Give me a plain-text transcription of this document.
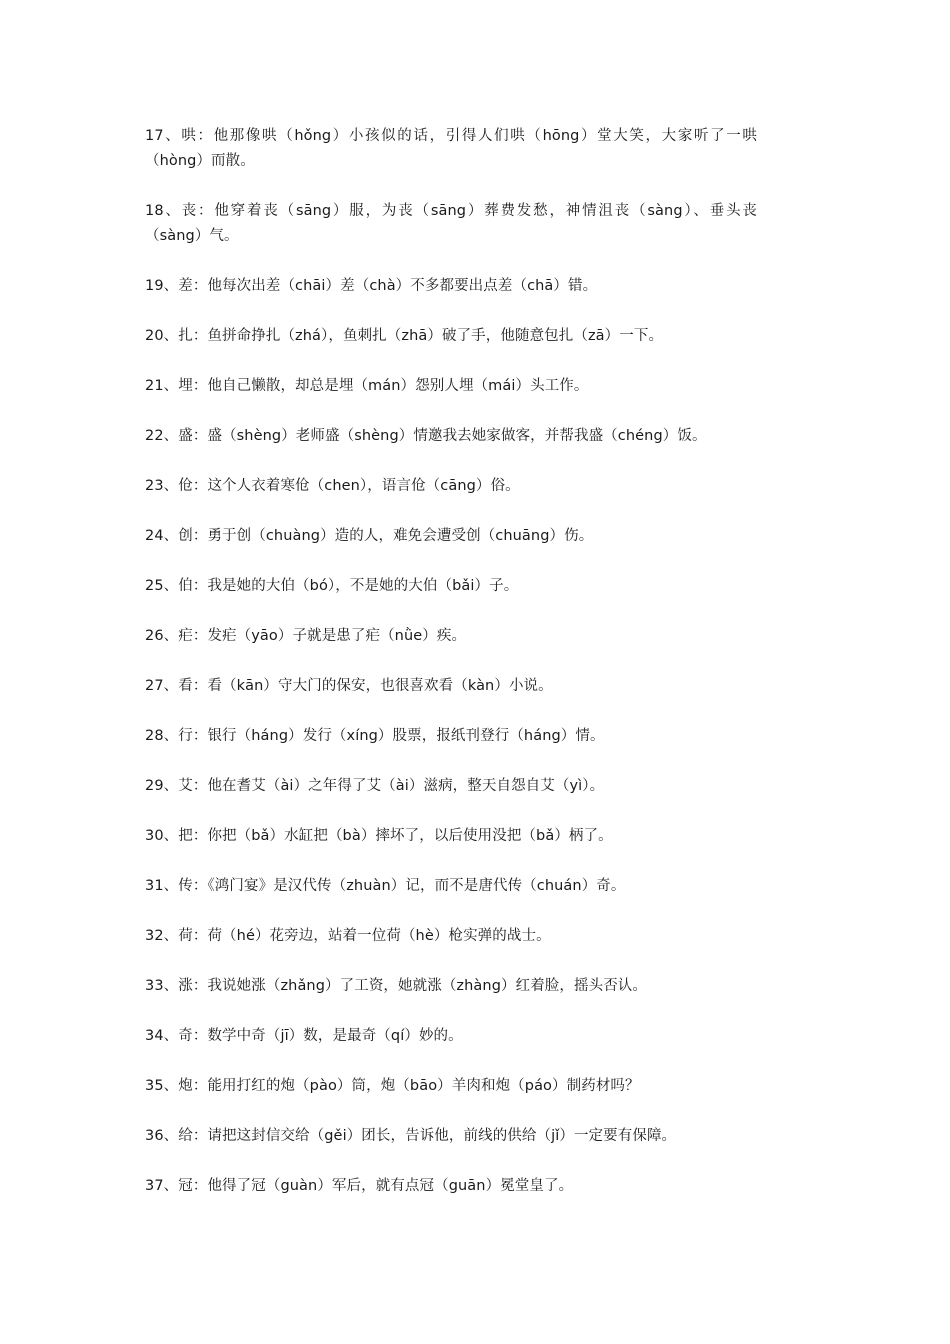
17、哄：他那像哄（hǒng）小孩似的话，引得人们哄（hōng）堂大笑，大家听了一哄（hòng）而散。
18、丧：他穿着丧（sāng）服，为丧（sāng）葬费发愁，神情沮丧（sàng）、垂头丧（sàng）气。
19、差：他每次出差（chāi）差（chà）不多都要出点差（chā）错。
20、扎：鱼拼命挣扎（zhá），鱼刺扎（zhā）破了手，他随意包扎（zā）一下。
21、埋：他自己懒散，却总是埋（mán）怨别人埋（mái）头工作。
22、盛：盛（shèng）老师盛（shèng）情邀我去她家做客，并帮我盛（chéng）饭。
23、伧：这个人衣着寒伧（chen），语言伧（cāng）俗。
24、创：勇于创（chuàng）造的人，难免会遭受创（chuāng）伤。
25、伯：我是她的大伯（bó），不是她的大伯（bǎi）子。
26、疟：发疟（yāo）子就是患了疟（nǜe）疾。
27、看：看（kān）守大门的保安，也很喜欢看（kàn）小说。
28、行：银行（háng）发行（xíng）股票，报纸刊登行（háng）情。
29、艾：他在耆艾（ài）之年得了艾（ài）滋病，整天自怨自艾（yì）。
30、把：你把（bǎ）水缸把（bà）摔坏了，以后使用没把（bǎ）柄了。
31、传：《鸿门宴》是汉代传（zhuàn）记，而不是唐代传（chuán）奇。
32、荷：荷（hé）花旁边，站着一位荷（hè）枪实弹的战士。
33、涨：我说她涨（zhǎng）了工资，她就涨（zhàng）红着脸，摇头否认。
34、奇：数学中奇（jī）数，是最奇（qí）妙的。
35、炮：能用打红的炮（pào）筒，炮（bāo）羊肉和炮（páo）制药材吗？
36、给：请把这封信交给（gěi）团长，告诉他，前线的供给（jǐ）一定要有保障。
37、冠：他得了冠（guàn）军后，就有点冠（guān）冕堂皇了。
